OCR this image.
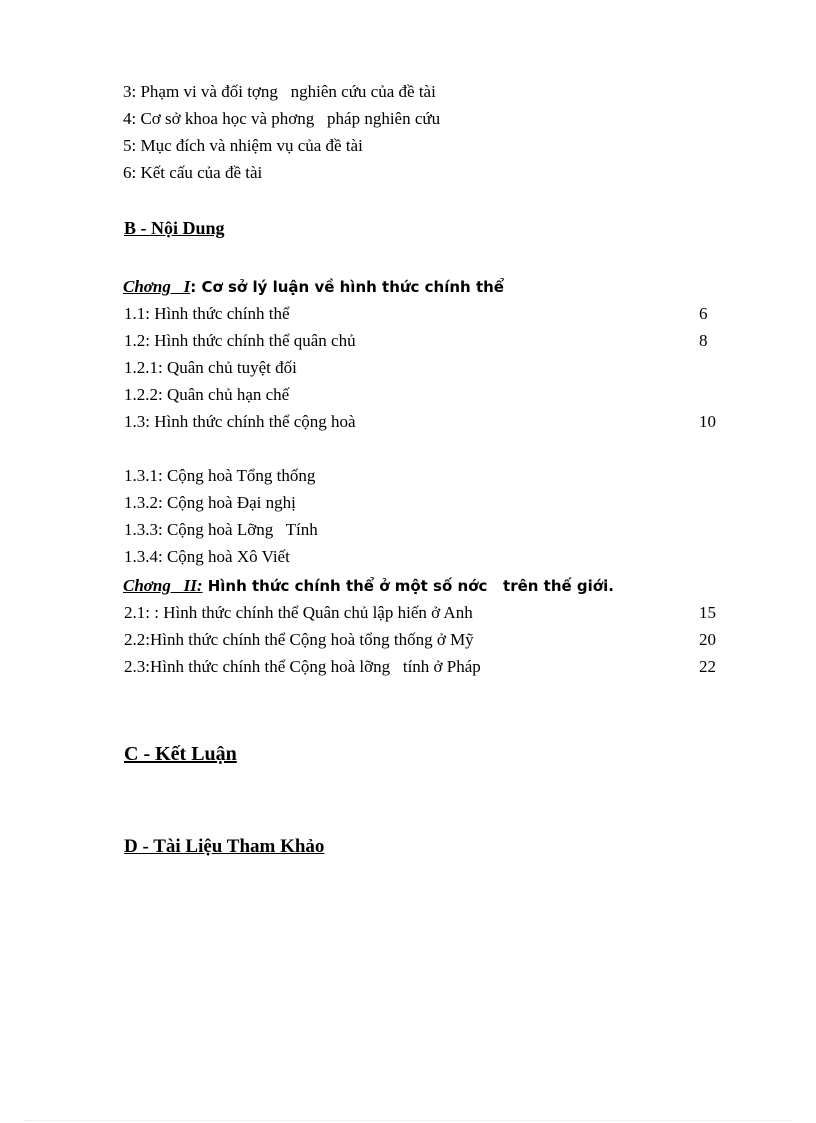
3: Phạm vi và đối tợng   nghiên cứu của đề tài
4: Cơ sở khoa học và phơng   pháp nghiên cứu
5: Mục đích và nhiệm vụ của đề tài
6: Kết cấu của đề tài
B - Nội Dung
Chơng   I: Cơ sở lý luận về hình thức chính thể
1.1: Hình thức chính thể	6
1.2: Hình thức chính thể quân chủ	8
1.2.1: Quân chủ tuyệt đối
1.2.2: Quân chủ hạn chế
1.3: Hình thức chính thể cộng hoà	10
1.3.1: Cộng hoà Tổng thống
1.3.2: Cộng hoà Đại nghị
1.3.3: Cộng hoà Lỡng   Tính
1.3.4: Cộng hoà Xô Viết
Chơng   II: Hình thức chính thể ở một số nớc   trên thế giới.
2.1: : Hình thức chính thể Quân chủ lập hiến ở Anh	15
2.2:Hình thức chính thể Cộng hoà tổng thống ở Mỹ	20
2.3:Hình thức chính thể Cộng hoà lỡng   tính ở Pháp	22
C - Kết Luận
D - Tài Liệu Tham Khảo
